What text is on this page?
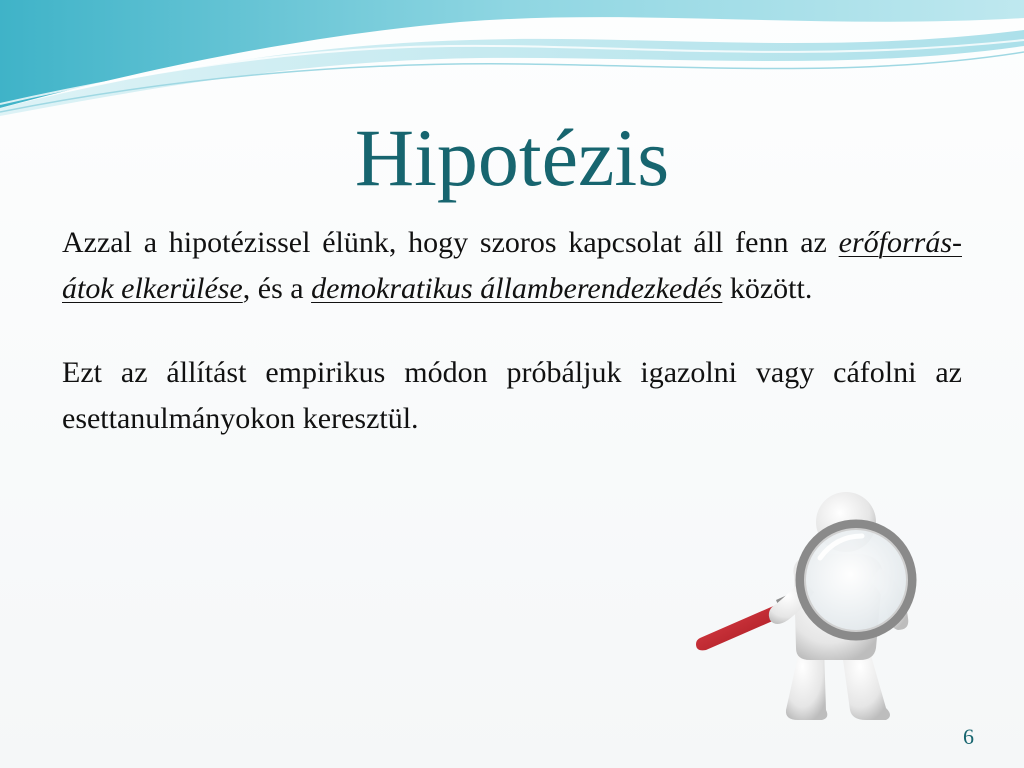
Hipotézis

Azzal a hipotézissel élünk, hogy szoros kapcsolat áll fenn az erőforrás-átok elkerülése, és a demokratikus államberendezkedés között.

Ezt az állítást empirikus módon próbáljuk igazolni vagy cáfolni az esettanulmányokon keresztül.

6
